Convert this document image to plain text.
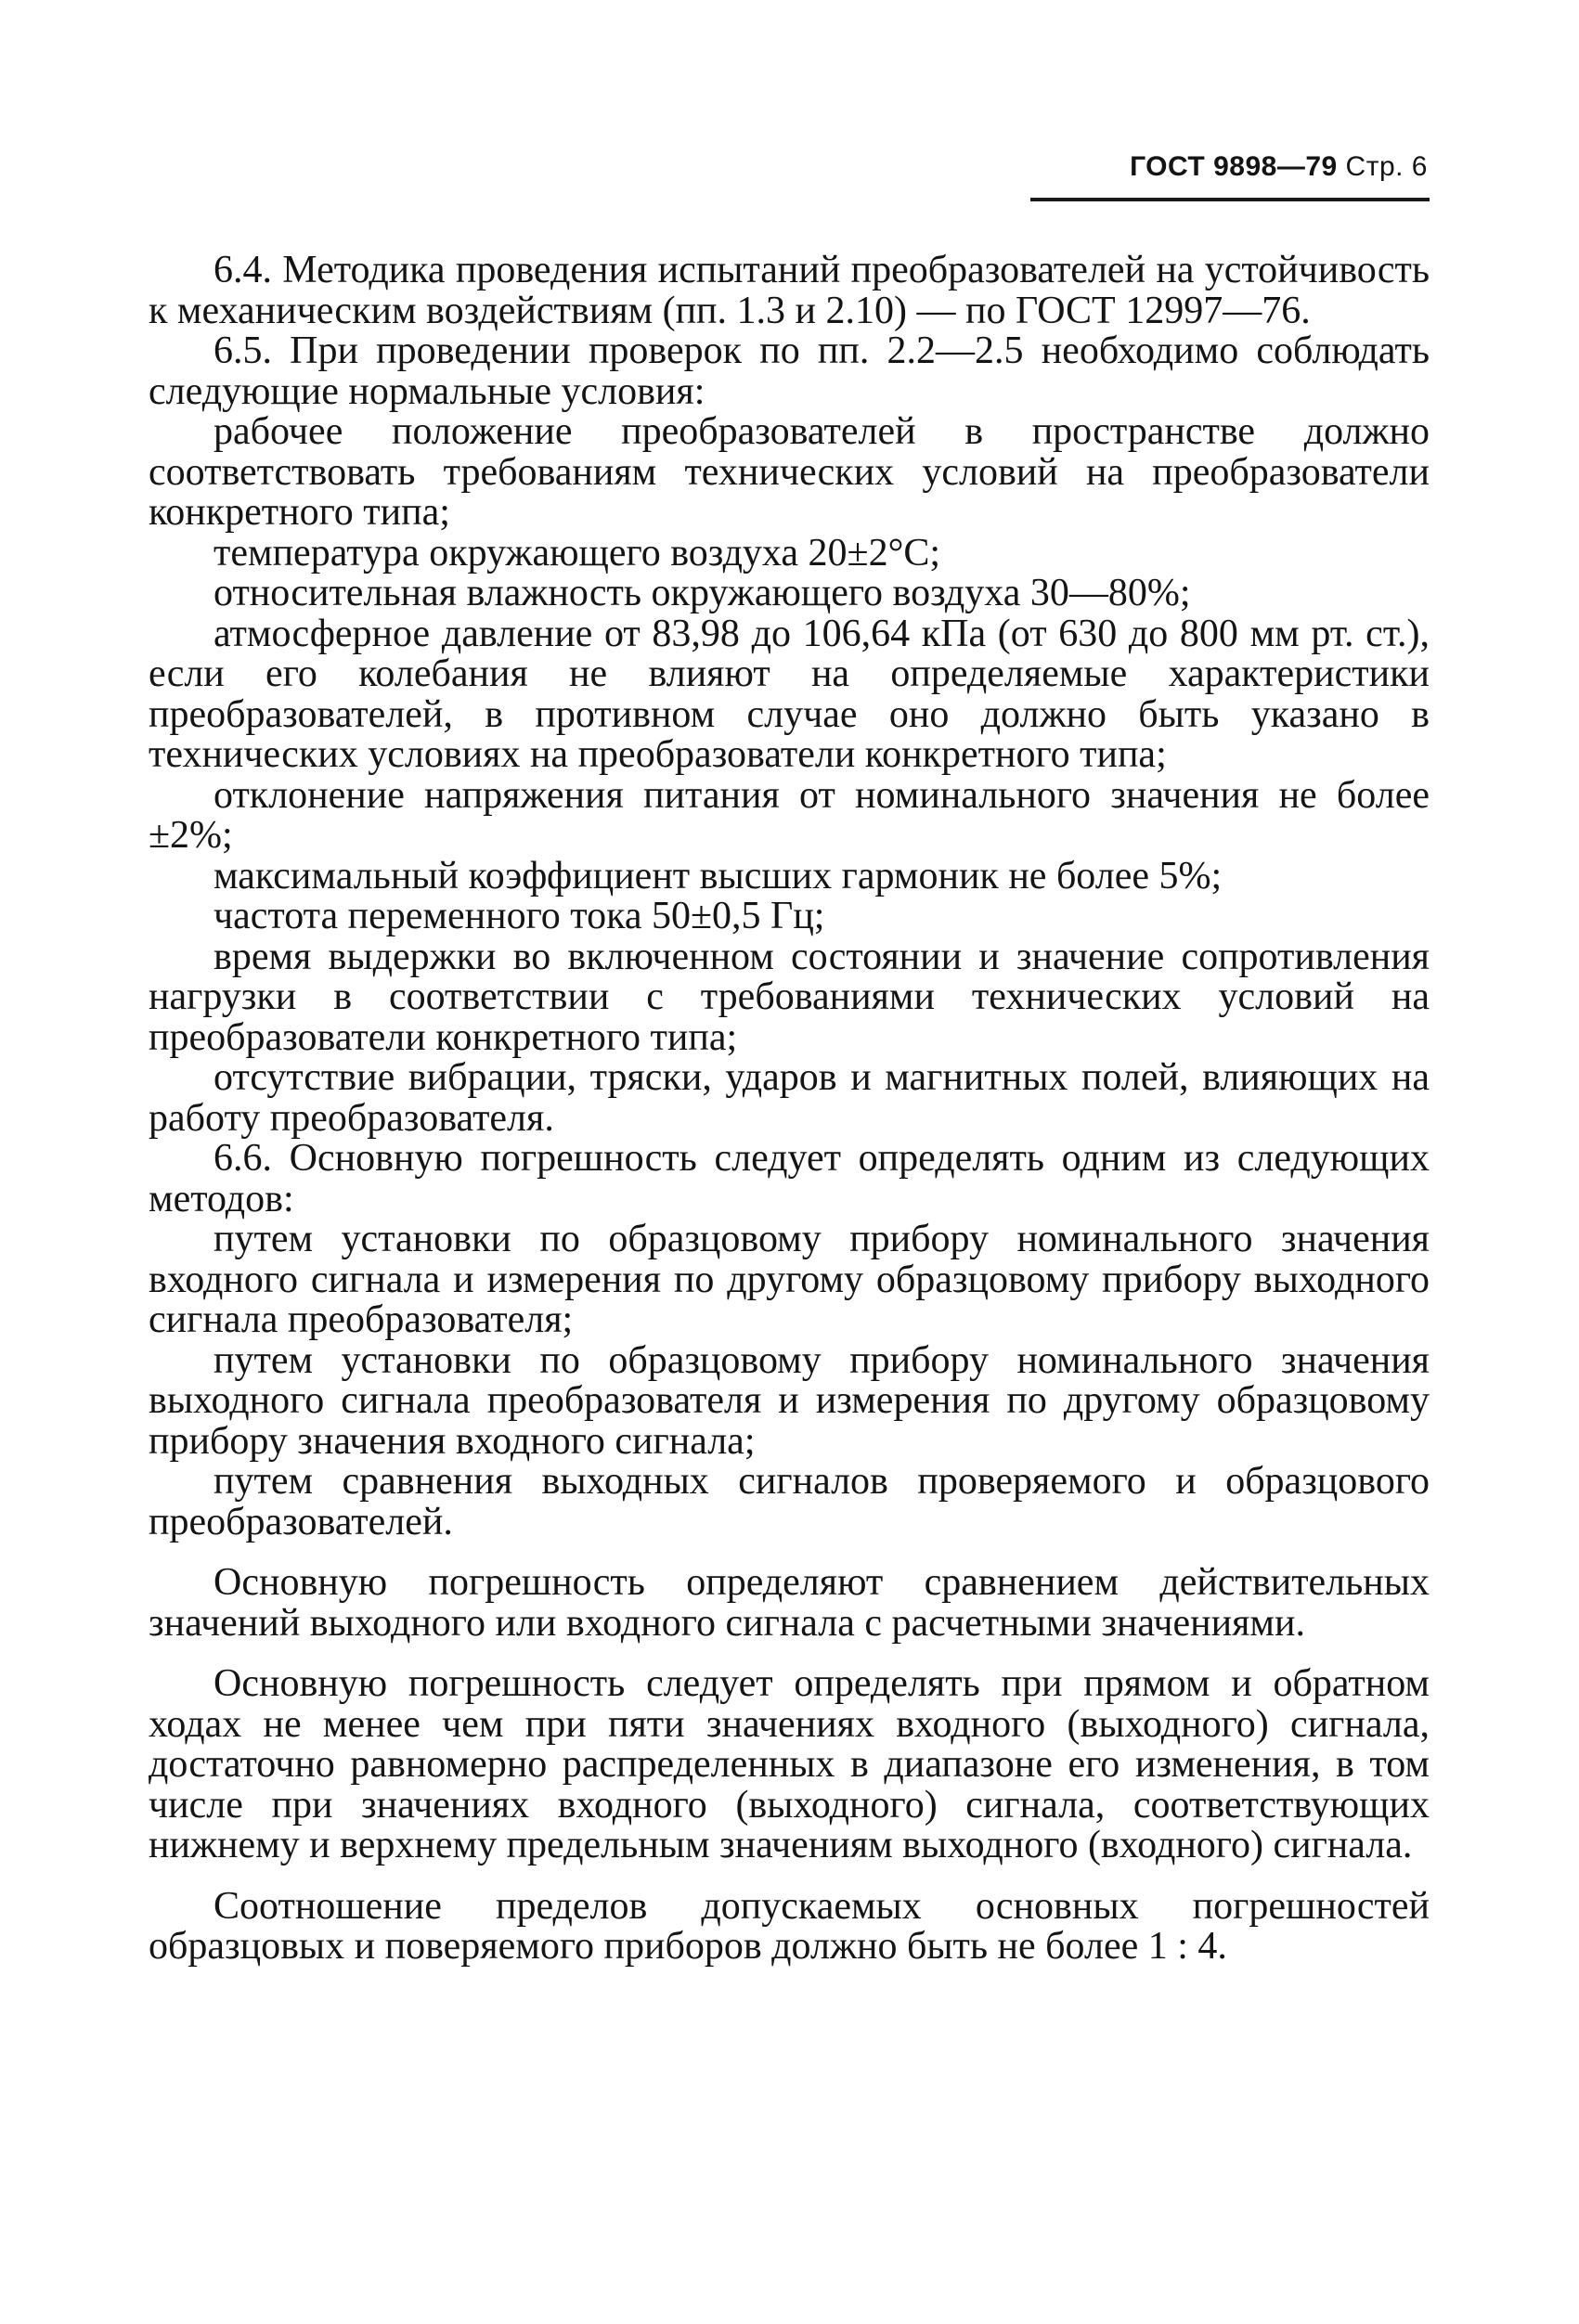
ГОСТ 9898—79 Стр. 6

6.4. Методика проведения испытаний преобразователей на устойчивость к механическим воздействиям (пп. 1.3 и 2.10) — по ГОСТ 12997—76.

6.5. При проведении проверок по пп. 2.2—2.5 необходимо соблюдать следующие нормальные условия:

рабочее положение преобразователей в пространстве должно соответствовать требованиям технических условий на преобразователи конкретного типа;

температура окружающего воздуха 20±2°С;

относительная влажность окружающего воздуха 30—80%;

атмосферное давление от 83,98 до 106,64 кПа (от 630 до 800 мм рт. ст.), если его колебания не влияют на определяемые характеристики преобразователей, в противном случае оно должно быть указано в технических условиях на преобразователи конкретного типа;

отклонение напряжения питания от номинального значения не более ±2%;

максимальный коэффициент высших гармоник не более 5%;

частота переменного тока 50±0,5 Гц;

время выдержки во включенном состоянии и значение сопротивления нагрузки в соответствии с требованиями технических условий на преобразователи конкретного типа;

отсутствие вибрации, тряски, ударов и магнитных полей, влияющих на работу преобразователя.

6.6. Основную погрешность следует определять одним из следующих методов:

путем установки по образцовому прибору номинального значения входного сигнала и измерения по другому образцовому прибору выходного сигнала преобразователя;

путем установки по образцовому прибору номинального значения выходного сигнала преобразователя и измерения по другому образцовому прибору значения входного сигнала;

путем сравнения выходных сигналов проверяемого и образцового преобразователей.

Основную погрешность определяют сравнением действительных значений выходного или входного сигнала с расчетными значениями.

Основную погрешность следует определять при прямом и обратном ходах не менее чем при пяти значениях входного (выходного) сигнала, достаточно равномерно распределенных в диапазоне его изменения, в том числе при значениях входного (выходного) сигнала, соответствующих нижнему и верхнему предельным значениям выходного (входного) сигнала.

Соотношение пределов допускаемых основных погрешностей образцовых и поверяемого приборов должно быть не более 1 : 4.
